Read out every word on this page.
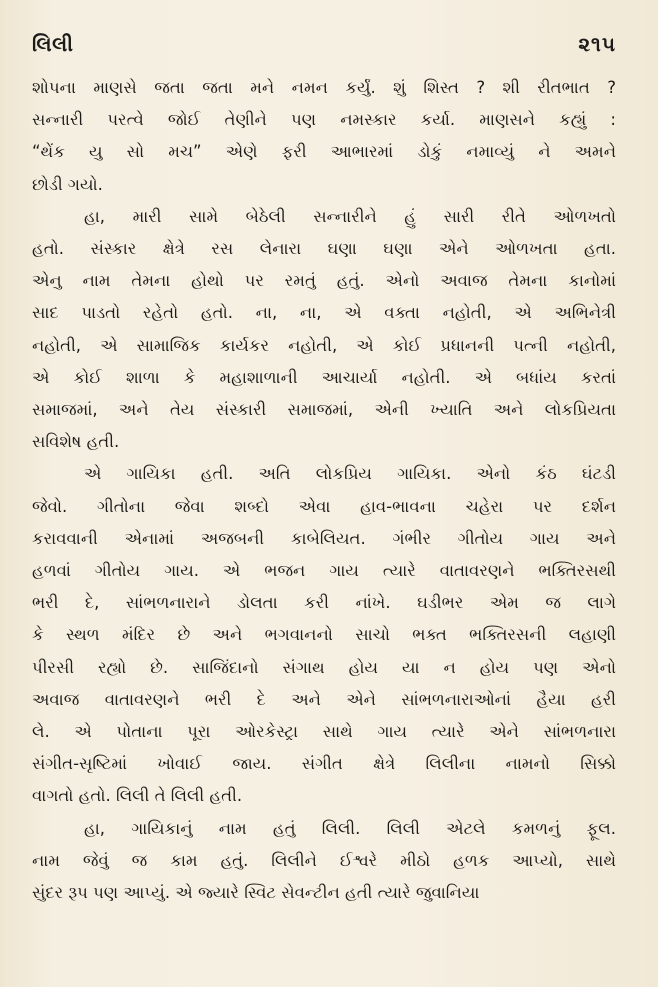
લિલી	૨૧૫
શોપના માણસે જતા જતા મને નમન કર્યું. શું શિસ્ત ? શી રીતભાત ?
સન્નારી પરત્વે જોઈ તેણીને પણ નમસ્કાર કર્યા. માણસને કહ્યું :
“થેંક યુ સો મચ” એણે ફરી આભારમાં ડોકું નમાવ્યું ને અમને
છોડી ગયો.
હા, મારી સામે બેઠેલી સન્નારીને હું સારી રીતે ઓળખતો
હતો. સંસ્કાર ક્ષેત્રે રસ લેનારા ઘણા ઘણા એને ઓળખતા હતા.
એનુ નામ તેમના હોથો પર રમતું હતું. એનો અવાજ તેમના કાનોમાં
સાદ પાડતો રહેતો હતો. ના, ના, એ વક્તા નહોતી, એ અભિનેત્રી
નહોતી, એ સામાજિક કાર્યકર નહોતી, એ કોઈ પ્રધાનની પત્ની નહોતી,
એ કોઈ શાળા કે મહાશાળાની આચાર્યા નહોતી. એ બધાંય કરતાં
સમાજમાં, અને તેય સંસ્કારી સમાજમાં, એની ખ્યાતિ અને લોકપ્રિયતા
સવિશેષ હતી.
એ ગાયિકા હતી. અતિ લોકપ્રિય ગાયિકા. એનો કંઠ ઘંટડી
જેવો. ગીતોના જેવા શબ્દો એવા હાવ-ભાવના ચહેરા પર દર્શન
કરાવવાની એનામાં અજબની કાબેલિયત. ગંભીર ગીતોય ગાય અને
હળવાં ગીતોય ગાય. એ ભજન ગાય ત્યારે વાતાવરણને ભક્તિરસથી
ભરી દે, સાંભળનારાને ડોલતા કરી નાંખે. ઘડીભર એમ જ લાગે
કે સ્થળ મંદિર છે અને ભગવાનનો સાચો ભક્ત ભક્તિરસની લહાણી
પીરસી રહ્યો છે. સાજિંદાનો સંગાથ હોય યા ન હોય પણ એનો
અવાજ વાતાવરણને ભરી દે અને એને સાંભળનારાઓનાં હૈયા હરી
લે. એ પોતાના પૂરા ઓરકેસ્ટ્રા સાથે ગાય ત્યારે એને સાંભળનારા
સંગીત-સૃષ્ટિમાં ખોવાઈ જાય. સંગીત ક્ષેત્રે લિલીના નામનો સિક્કો
વાગતો હતો. લિલી તે લિલી હતી.
હા, ગાયિકાનું નામ હતું લિલી. લિલી એટલે કમળનું ફૂલ.
નામ જેવું જ કામ હતું. લિલીને ઈશ્વરે મીઠો હળક આપ્યો, સાથે
સુંદર રૂપ પણ આપ્યું. એ જ્યારે સ્વિટ સેવન્ટીન હતી ત્યારે જુવાનિયા
